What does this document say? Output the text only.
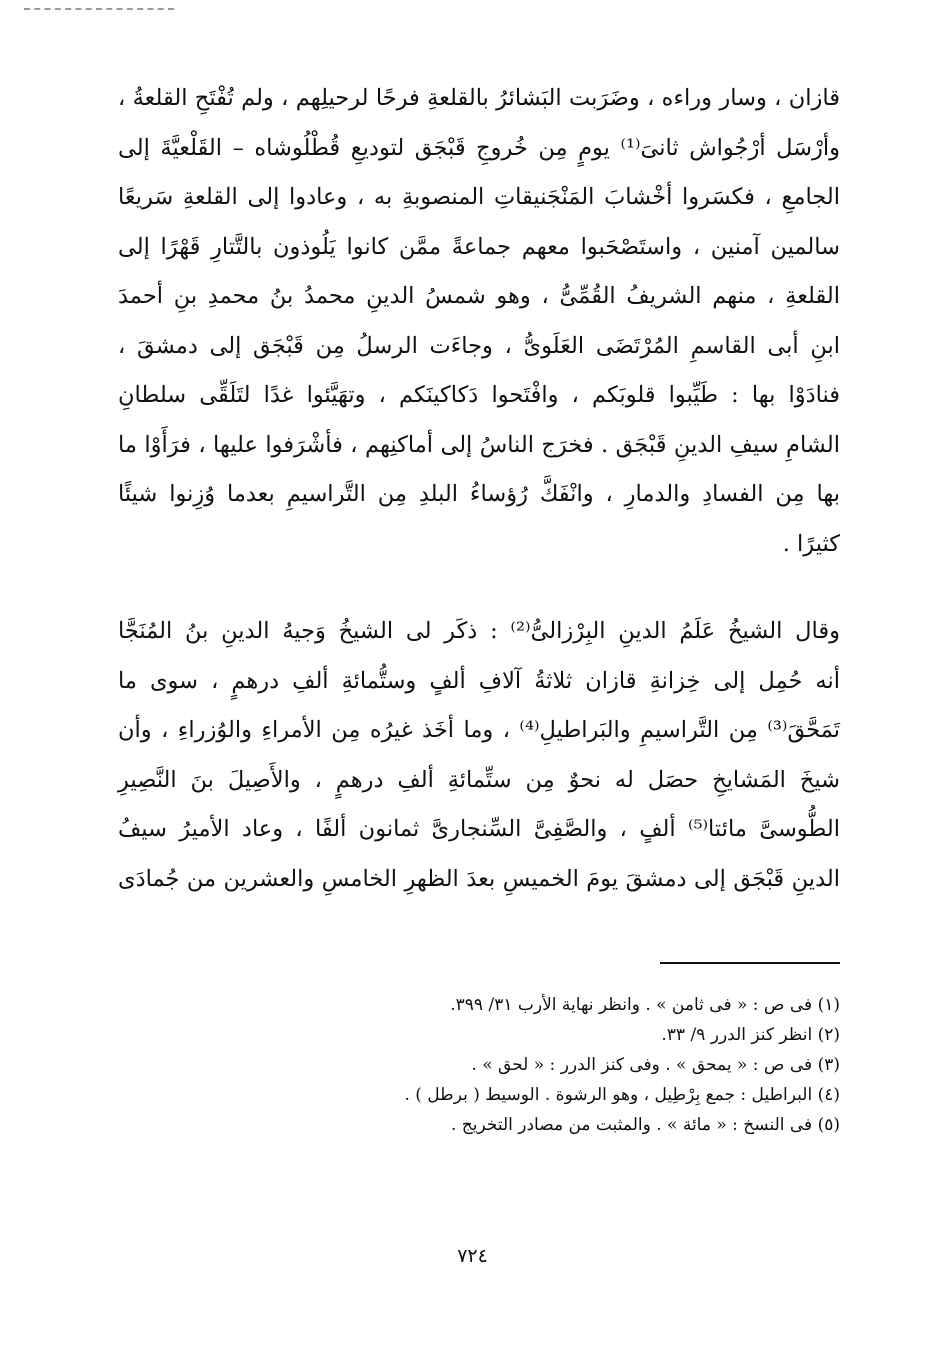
قازان ، وسار وراءه ، وضَرَبت البَشائرُ بالقلعةِ فرحًا لرحيلِهم ، ولم تُفْتَحِ القلعةُ ،
وأرْسَل أرْجُواش ثانىَ⁽¹⁾ يومٍ مِن خُروجِ قَبْجَق لتوديعِ قُطْلُوشاه – القَلْعيَّةَ إلى
الجامعِ ، فكسَروا أخْشابَ المَنْجَنيقاتِ المنصوبةِ به ، وعادوا إلى القلعةِ سَريعًا
سالمين آمنين ، واستَصْحَبوا معهم جماعةً ممَّن كانوا يَلُوذون بالتَّتارِ قَهْرًا إلى
القلعةِ ، منهم الشريفُ القُمِّىُّ ، وهو شمسُ الدينِ محمدُ بنُ محمدِ بنِ أحمدَ
ابنِ أبى القاسمِ المُرْتَضَى العَلَوىُّ ، وجاءَت الرسلُ مِن قَبْجَق إلى دمشقَ ،
فنادَوْا بها : طَيِّبوا قلوبَكم ، وافْتَحوا دَكاكينَكم ، وتهَيَّئوا غدًا لتَلَقِّى سلطانِ
الشامِ سيفِ الدينِ قَبْجَق . فخرَج الناسُ إلى أماكنِهم ، فأشْرَفوا عليها ، فرَأَوْا ما
بها مِن الفسادِ والدمارِ ، وانْفَكَّ رُؤساءُ البلدِ مِن التَّراسيمِ بعدما وُزِنوا شيئًا
كثيرًا .

وقال الشيخُ عَلَمُ الدينِ البِرْزالىُّ⁽²⁾ : ذكَر لى الشيخُ وَجيهُ الدينِ بنُ المُنَجَّا
أنه حُمِل إلى خِزانةِ قازان ثلاثةُ آلافِ ألفٍ وستُّمائةِ ألفِ درهمٍ ، سوى ما
تَمَحَّقَ⁽³⁾ مِن التَّراسيمِ والبَراطيلِ⁽⁴⁾ ، وما أخَذ غيرُه مِن الأمراءِ والوُزراءِ ، وأن
شيخَ المَشايخِ حصَل له نحوٌ مِن ستِّمائةِ ألفِ درهمٍ ، والأَصِيلَ بنَ النَّصِيرِ
الطُّوسىَّ مائتا⁽⁵⁾ ألفٍ ، والصَّفِىَّ السِّنجارىَّ ثمانون ألفًا ، وعاد الأميرُ سيفُ
الدينِ قَبْجَق إلى دمشقَ يومَ الخميسِ بعدَ الظهرِ الخامسِ والعشرين من جُمادَى

(١) فى ص : « فى ثامن » . وانظر نهاية الأرب ٣١/ ٣٩٩.
(٢) انظر كنز الدرر ٩/ ٣٣.
(٣) فى ص : « يمحق » . وفى كنز الدرر : « لحق » .
(٤) البراطيل : جمع بِرْطِيل ، وهو الرشوة . الوسيط ( برطل ) .
(٥) فى النسخ : « مائة » . والمثبت من مصادر التخريج .
٧٢٤
